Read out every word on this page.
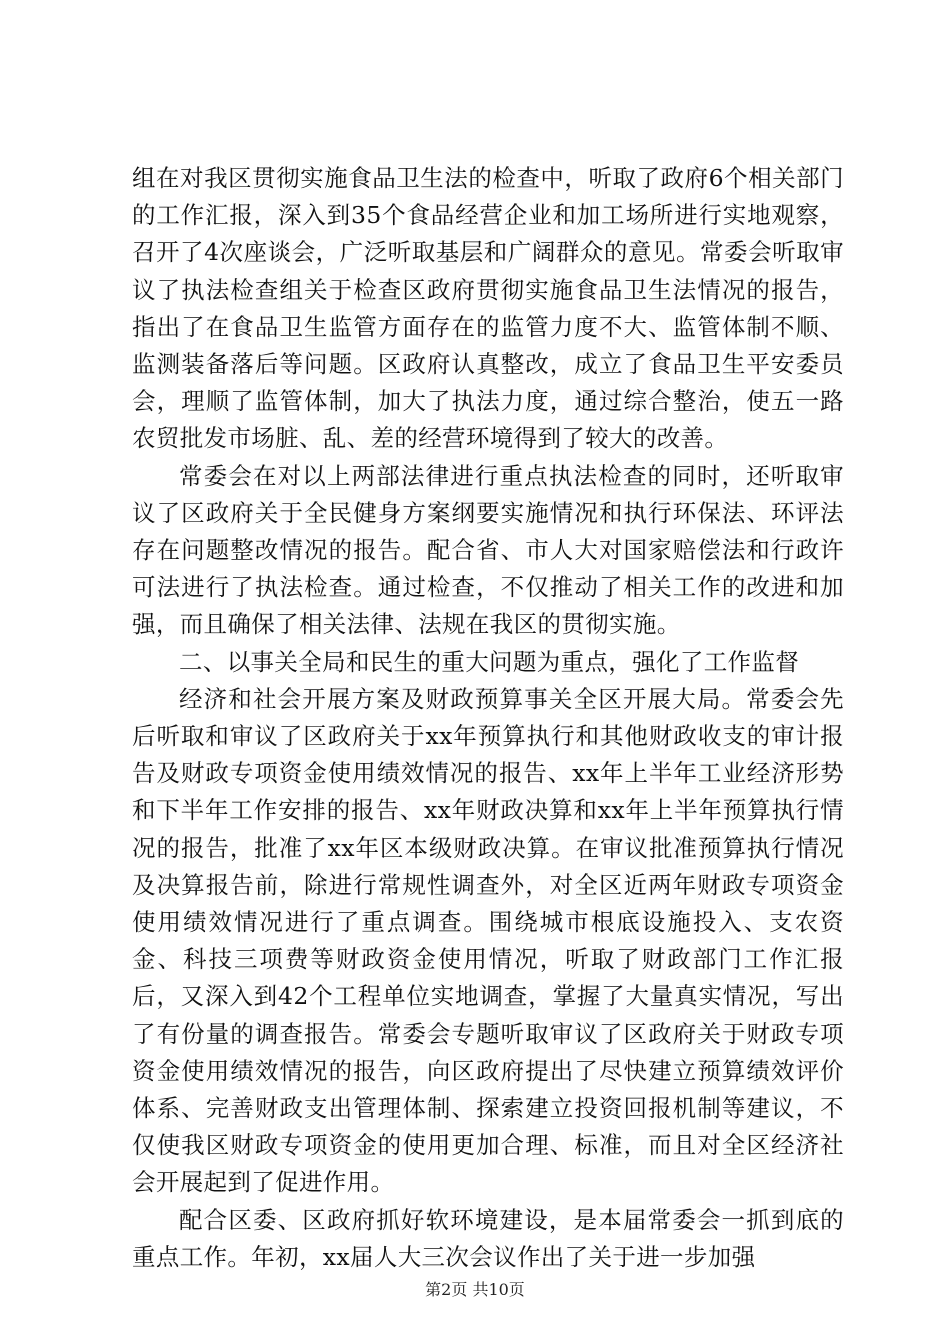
组在对我区贯彻实施食品卫生法的检查中，听取了政府6个相关部门的工作汇报，深入到35个食品经营企业和加工场所进行实地观察，召开了4次座谈会，广泛听取基层和广阔群众的意见。常委会听取审议了执法检查组关于检查区政府贯彻实施食品卫生法情况的报告，指出了在食品卫生监管方面存在的监管力度不大、监管体制不顺、监测装备落后等问题。区政府认真整改，成立了食品卫生平安委员会，理顺了监管体制，加大了执法力度，通过综合整治，使五一路农贸批发市场脏、乱、差的经营环境得到了较大的改善。

常委会在对以上两部法律进行重点执法检查的同时，还听取审议了区政府关于全民健身方案纲要实施情况和执行环保法、环评法存在问题整改情况的报告。配合省、市人大对国家赔偿法和行政许可法进行了执法检查。通过检查，不仅推动了相关工作的改进和加强，而且确保了相关法律、法规在我区的贯彻实施。

二、以事关全局和民生的重大问题为重点，强化了工作监督

经济和社会开展方案及财政预算事关全区开展大局。常委会先后听取和审议了区政府关于xx年预算执行和其他财政收支的审计报告及财政专项资金使用绩效情况的报告、xx年上半年工业经济形势和下半年工作安排的报告、xx年财政决算和xx年上半年预算执行情况的报告，批准了xx年区本级财政决算。在审议批准预算执行情况及决算报告前，除进行常规性调查外，对全区近两年财政专项资金使用绩效情况进行了重点调查。围绕城市根底设施投入、支农资金、科技三项费等财政资金使用情况，听取了财政部门工作汇报后，又深入到42个工程单位实地调查，掌握了大量真实情况，写出了有份量的调查报告。常委会专题听取审议了区政府关于财政专项资金使用绩效情况的报告，向区政府提出了尽快建立预算绩效评价体系、完善财政支出管理体制、探索建立投资回报机制等建议，不仅使我区财政专项资金的使用更加合理、标准，而且对全区经济社会开展起到了促进作用。

配合区委、区政府抓好软环境建设，是本届常委会一抓到底的重点工作。年初，xx届人大三次会议作出了关于进一步加强

第2页 共10页
